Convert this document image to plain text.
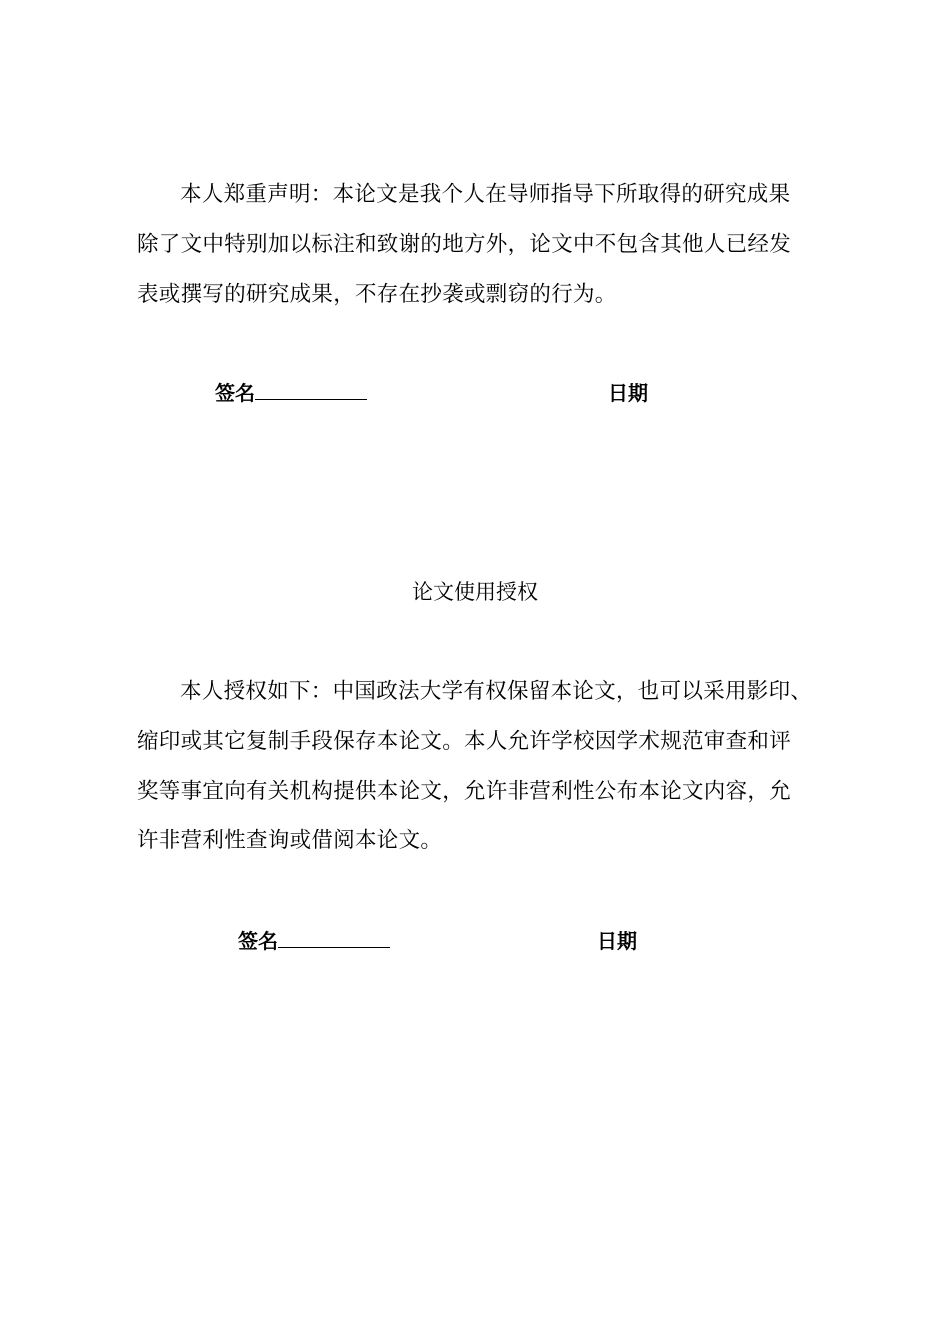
本人郑重声明：本论文是我个人在导师指导下所取得的研究成果
除了文中特别加以标注和致谢的地方外，论文中不包含其他人已经发
表或撰写的研究成果，不存在抄袭或剽窃的行为。
签名	日期
论文使用授权
本人授权如下：中国政法大学有权保留本论文，也可以采用影印、
缩印或其它复制手段保存本论文。本人允许学校因学术规范审查和评
奖等事宜向有关机构提供本论文，允许非营利性公布本论文内容，允
许非营利性查询或借阅本论文。
签名	日期
